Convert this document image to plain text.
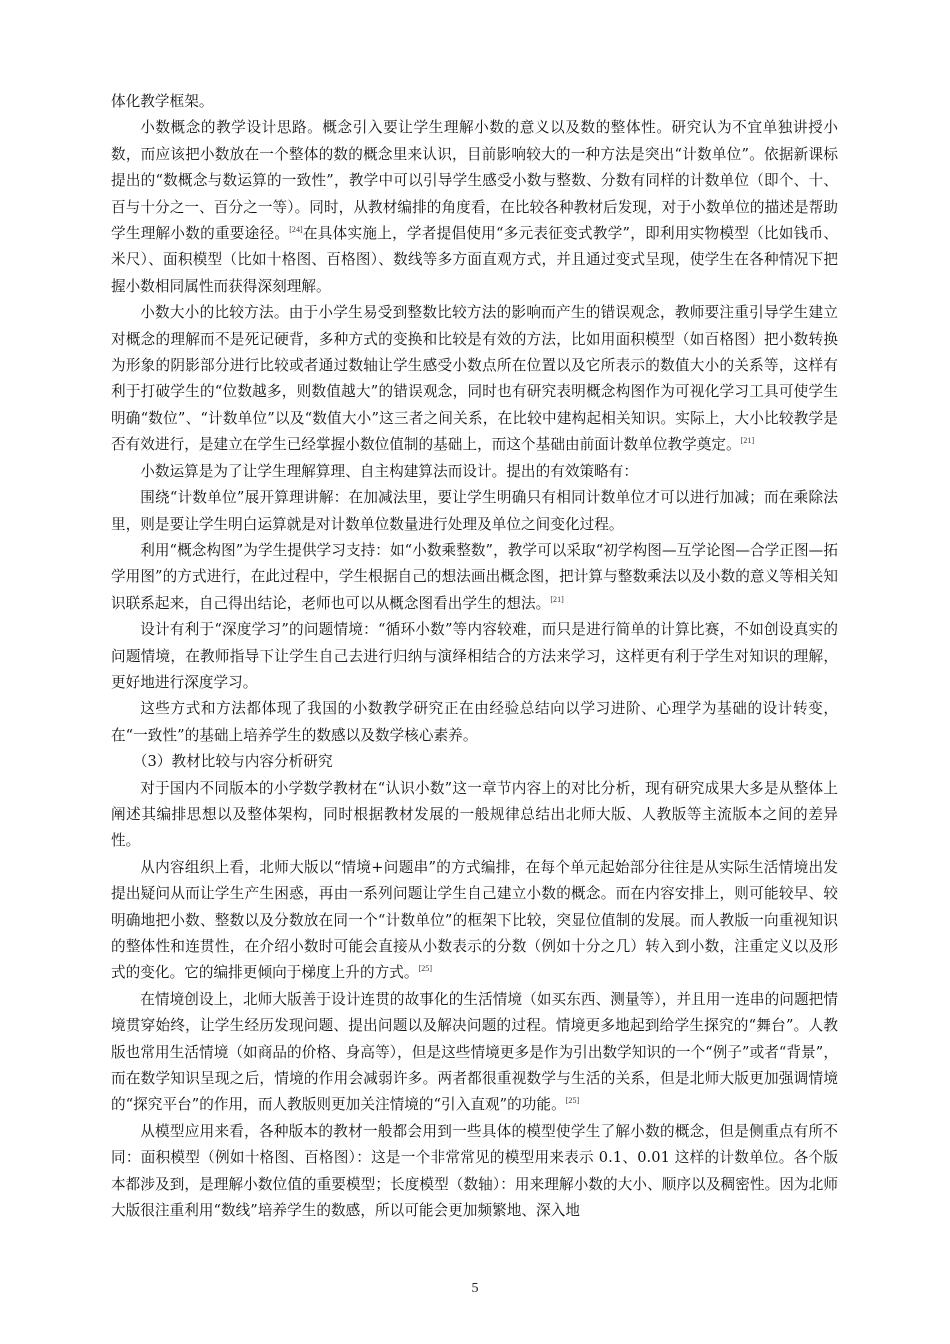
体化教学框架。

小数概念的教学设计思路。概念引入要让学生理解小数的意义以及数的整体性。研究认为不宜单独讲授小数，而应该把小数放在一个整体的数的概念里来认识，目前影响较大的一种方法是突出“计数单位”。依据新课标提出的“数概念与数运算的一致性”，教学中可以引导学生感受小数与整数、分数有同样的计数单位（即个、十、百与十分之一、百分之一等）。同时，从教材编排的角度看，在比较各种教材后发现，对于小数单位的描述是帮助学生理解小数的重要途径。[24]在具体实施上，学者提倡使用“多元表征变式教学”，即利用实物模型（比如钱币、米尺）、面积模型（比如十格图、百格图）、数线等多方面直观方式，并且通过变式呈现，使学生在各种情况下把握小数相同属性而获得深刻理解。

小数大小的比较方法。由于小学生易受到整数比较方法的影响而产生的错误观念，教师要注重引导学生建立对概念的理解而不是死记硬背，多种方式的变换和比较是有效的方法，比如用面积模型（如百格图）把小数转换为形象的阴影部分进行比较或者通过数轴让学生感受小数点所在位置以及它所表示的数值大小的关系等，这样有利于打破学生的“位数越多，则数值越大”的错误观念，同时也有研究表明概念构图作为可视化学习工具可使学生明确“数位”、“计数单位”以及“数值大小”这三者之间关系，在比较中建构起相关知识。实际上，大小比较教学是否有效进行，是建立在学生已经掌握小数位值制的基础上，而这个基础由前面计数单位教学奠定。[21]

小数运算是为了让学生理解算理、自主构建算法而设计。提出的有效策略有：

围绕“计数单位”展开算理讲解：在加减法里，要让学生明确只有相同计数单位才可以进行加减；而在乘除法里，则是要让学生明白运算就是对计数单位数量进行处理及单位之间变化过程。

利用“概念构图”为学生提供学习支持：如“小数乘整数”，教学可以采取“初学构图—互学论图—合学正图—拓学用图”的方式进行，在此过程中，学生根据自己的想法画出概念图，把计算与整数乘法以及小数的意义等相关知识联系起来，自己得出结论，老师也可以从概念图看出学生的想法。[21]

设计有利于“深度学习”的问题情境：“循环小数”等内容较难，而只是进行简单的计算比赛，不如创设真实的问题情境，在教师指导下让学生自己去进行归纳与演绎相结合的方法来学习，这样更有利于学生对知识的理解，更好地进行深度学习。

这些方式和方法都体现了我国的小数教学研究正在由经验总结向以学习进阶、心理学为基础的设计转变，在“一致性”的基础上培养学生的数感以及数学核心素养。

（3）教材比较与内容分析研究

对于国内不同版本的小学数学教材在“认识小数”这一章节内容上的对比分析，现有研究成果大多是从整体上阐述其编排思想以及整体架构，同时根据教材发展的一般规律总结出北师大版、人教版等主流版本之间的差异性。

从内容组织上看，北师大版以“情境+问题串”的方式编排，在每个单元起始部分往往是从实际生活情境出发提出疑问从而让学生产生困惑，再由一系列问题让学生自己建立小数的概念。而在内容安排上，则可能较早、较明确地把小数、整数以及分数放在同一个“计数单位”的框架下比较，突显位值制的发展。而人教版一向重视知识的整体性和连贯性，在介绍小数时可能会直接从小数表示的分数（例如十分之几）转入到小数，注重定义以及形式的变化。它的编排更倾向于梯度上升的方式。[25]

在情境创设上，北师大版善于设计连贯的故事化的生活情境（如买东西、测量等），并且用一连串的问题把情境贯穿始终，让学生经历发现问题、提出问题以及解决问题的过程。情境更多地起到给学生探究的“舞台”。人教版也常用生活情境（如商品的价格、身高等），但是这些情境更多是作为引出数学知识的一个“例子”或者“背景”，而在数学知识呈现之后，情境的作用会减弱许多。两者都很重视数学与生活的关系，但是北师大版更加强调情境的“探究平台”的作用，而人教版则更加关注情境的“引入直观”的功能。[25]

从模型应用来看，各种版本的教材一般都会用到一些具体的模型使学生了解小数的概念，但是侧重点有所不同：面积模型（例如十格图、百格图）：这是一个非常常见的模型用来表示 0.1、0.01 这样的计数单位。各个版本都涉及到，是理解小数位值的重要模型；长度模型（数轴）：用来理解小数的大小、顺序以及稠密性。因为北师大版很注重利用“数线”培养学生的数感，所以可能会更加频繁地、深入地

5
